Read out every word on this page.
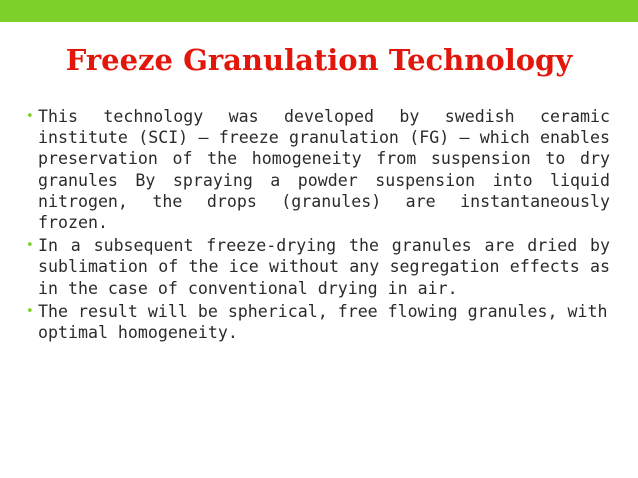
Freeze Granulation Technology
• This technology was developed by swedish ceramic institute (SCI) – freeze granulation (FG) – which enables preservation of the homogeneity from suspension to dry granules By spraying a powder suspension into liquid nitrogen, the drops (granules) are instantaneously frozen.
• In a subsequent freeze-drying the granules are dried by sublimation of the ice without any segregation effects as in the case of conventional drying in air.
• The result will be spherical, free flowing granules, with optimal homogeneity.
